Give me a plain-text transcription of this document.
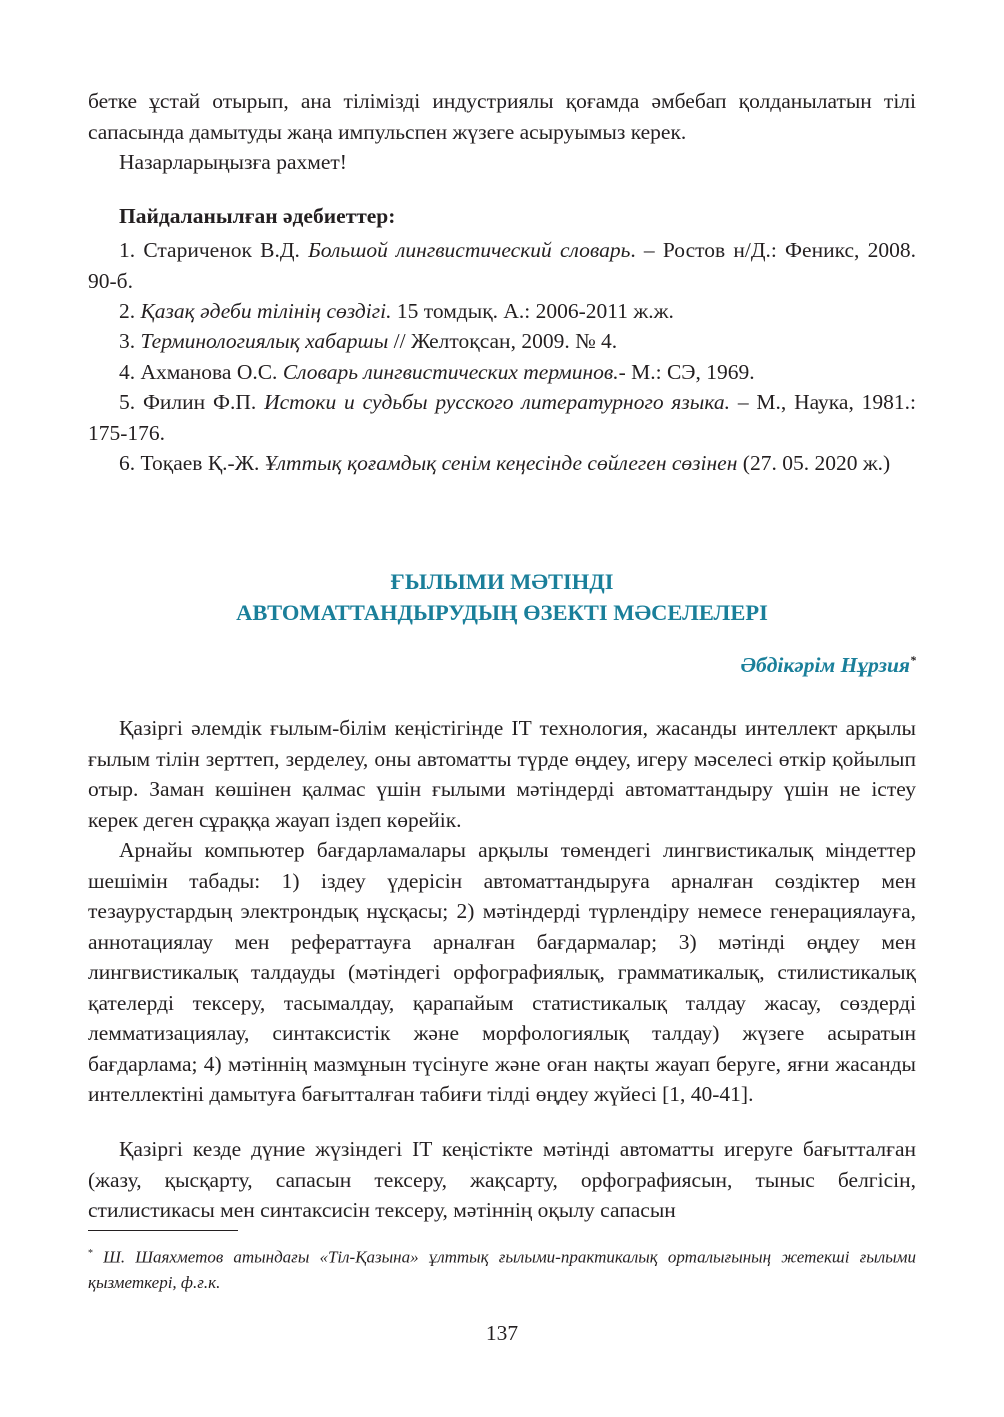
бетке ұстай отырып, ана тілімізді индустриялы қоғамда әмбебап қолданылатын тілі сапасында дамытуды жаңа импульспен жүзеге асыруымыз керек.

Назарларыңызға рахмет!

Пайдаланылған әдебиеттер:

1. Стариченок В.Д. Большой лингвистический словарь. – Ростов н/Д.: Феникс, 2008. 90-б.

2. Қазақ әдеби тілінің сөздігі. 15 томдық. А.: 2006-2011 ж.ж.

3. Терминологиялық хабаршы // Желтоқсан, 2009. № 4.

4. Ахманова О.С. Словарь лингвистических терминов.- М.: СЭ, 1969.

5. Филин Ф.П. Истоки и судьбы русского литературного языка. – М., Наука, 1981.: 175-176.

6. Тоқаев Қ.-Ж. Ұлттық қоғамдық сенім кеңесінде сөйлеген сөзінен (27. 05. 2020 ж.)

ҒЫЛЫМИ МӘТІНДІ

АВТОМАТТАНДЫРУДЫҢ ӨЗЕКТІ МӘСЕЛЕЛЕРІ

Әбдікәрім Нұрзия*

Қазіргі әлемдік ғылым-білім кеңістігінде IT технология, жасанды интеллект арқылы ғылым тілін зерттеп, зерделеу, оны автоматты түрде өңдеу, игеру мәселесі өткір қойылып отыр. Заман көшінен қалмас үшін ғылыми мәтіндерді автоматтандыру үшін не істеу керек деген сұраққа жауап іздеп көрейік.

Арнайы компьютер бағдарламалары арқылы төмендегі лингвистикалық міндеттер шешімін табады: 1) іздеу үдерісін автоматтандыруға арналған сөздіктер мен тезаурустардың электрондық нұсқасы; 2) мәтіндерді түрлендіру немесе генерациялауға, аннотациялау мен рефераттауға арналған бағдармалар; 3) мәтінді өңдеу мен лингвистикалық талдауды (мәтіндегі орфографиялық, грамматикалық, стилистикалық қателерді тексеру, тасымалдау, қарапайым статистикалық талдау жасау, сөздерді лемматизациялау, синтаксистік және морфологиялық талдау) жүзеге асыратын бағдарлама; 4) мәтіннің мазмұнын түсінуге және оған нақты жауап беруге, яғни жасанды интеллектіні дамытуға бағытталған табиғи тілді өңдеу жүйесі [1, 40-41].

Қазіргі кезде дүние жүзіндегі IT кеңістікте мәтінді автоматты игеруге бағытталған (жазу, қысқарту, сапасын тексеру, жақсарту, орфографиясын, тыныс белгісін, стилистикасы мен синтаксисін тексеру, мәтіннің оқылу сапасын

* Ш. Шаяхметов атындағы «Тіл-Қазына» ұлттық ғылыми-практикалық орталығының жетекші ғылыми қызметкері, ф.ғ.к.

137
